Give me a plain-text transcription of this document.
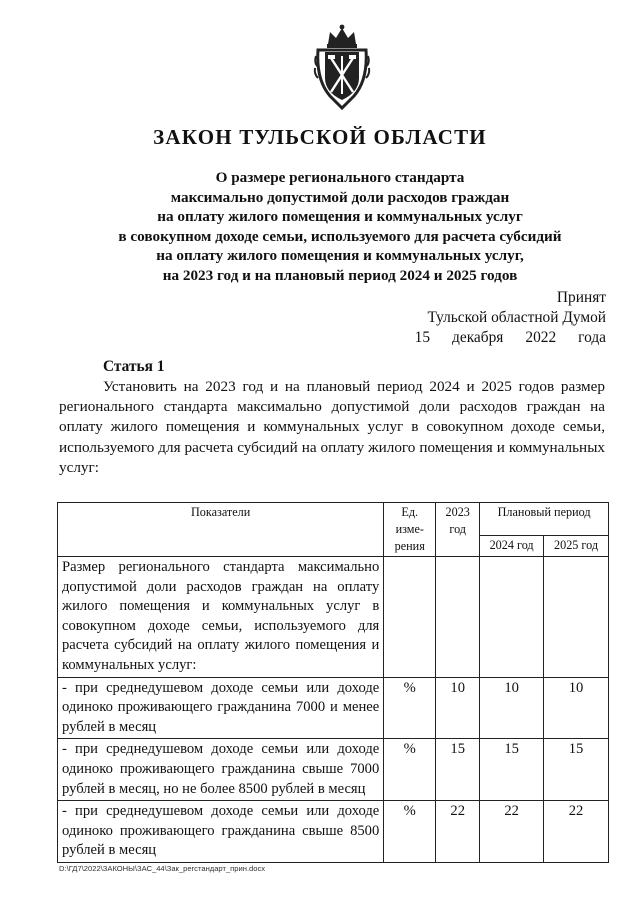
ЗАКОН ТУЛЬСКОЙ ОБЛАСТИ
О размере регионального стандарта
максимально допустимой доли расходов граждан
на оплату жилого помещения и коммунальных услуг
в совокупном доходе семьи, используемого для расчета субсидий
на оплату жилого помещения и коммунальных услуг,
на 2023 год и на плановый период 2024 и 2025 годов
Принят
Тульской областной Думой
15 декабря 2022 года
Статья 1
Установить на 2023 год и на плановый период 2024 и 2025 годов размер регионального стандарта максимально допустимой доли расходов граждан на оплату жилого помещения и коммунальных услуг в совокупном доходе семьи, используемого для расчета субсидий на оплату жилого помещения и коммунальных услуг:
Показатели	Ед. изме-рения	2023 год	Плановый период	
			2024 год	2025 год
Размер регионального стандарта максимально допустимой доли расходов граждан на оплату жилого помещения и коммунальных услуг в совокупном доходе семьи, используемого для расчета субсидий на оплату жилого помещения и коммунальных услуг:				
- при среднедушевом доходе семьи или доходе одиноко проживающего гражданина 7000 и менее рублей в месяц	%	10	10	10
- при среднедушевом доходе семьи или доходе одиноко проживающего гражданина свыше 7000 рублей в месяц, но не более 8500 рублей в месяц	%	15	15	15
- при среднедушевом доходе семьи или доходе одиноко проживающего гражданина свыше 8500 рублей в месяц	%	22	22	22
D:\ГД7\2022\ЗАКОНЫ\ЗАС_44\Зак_регстандарт_прин.docx
